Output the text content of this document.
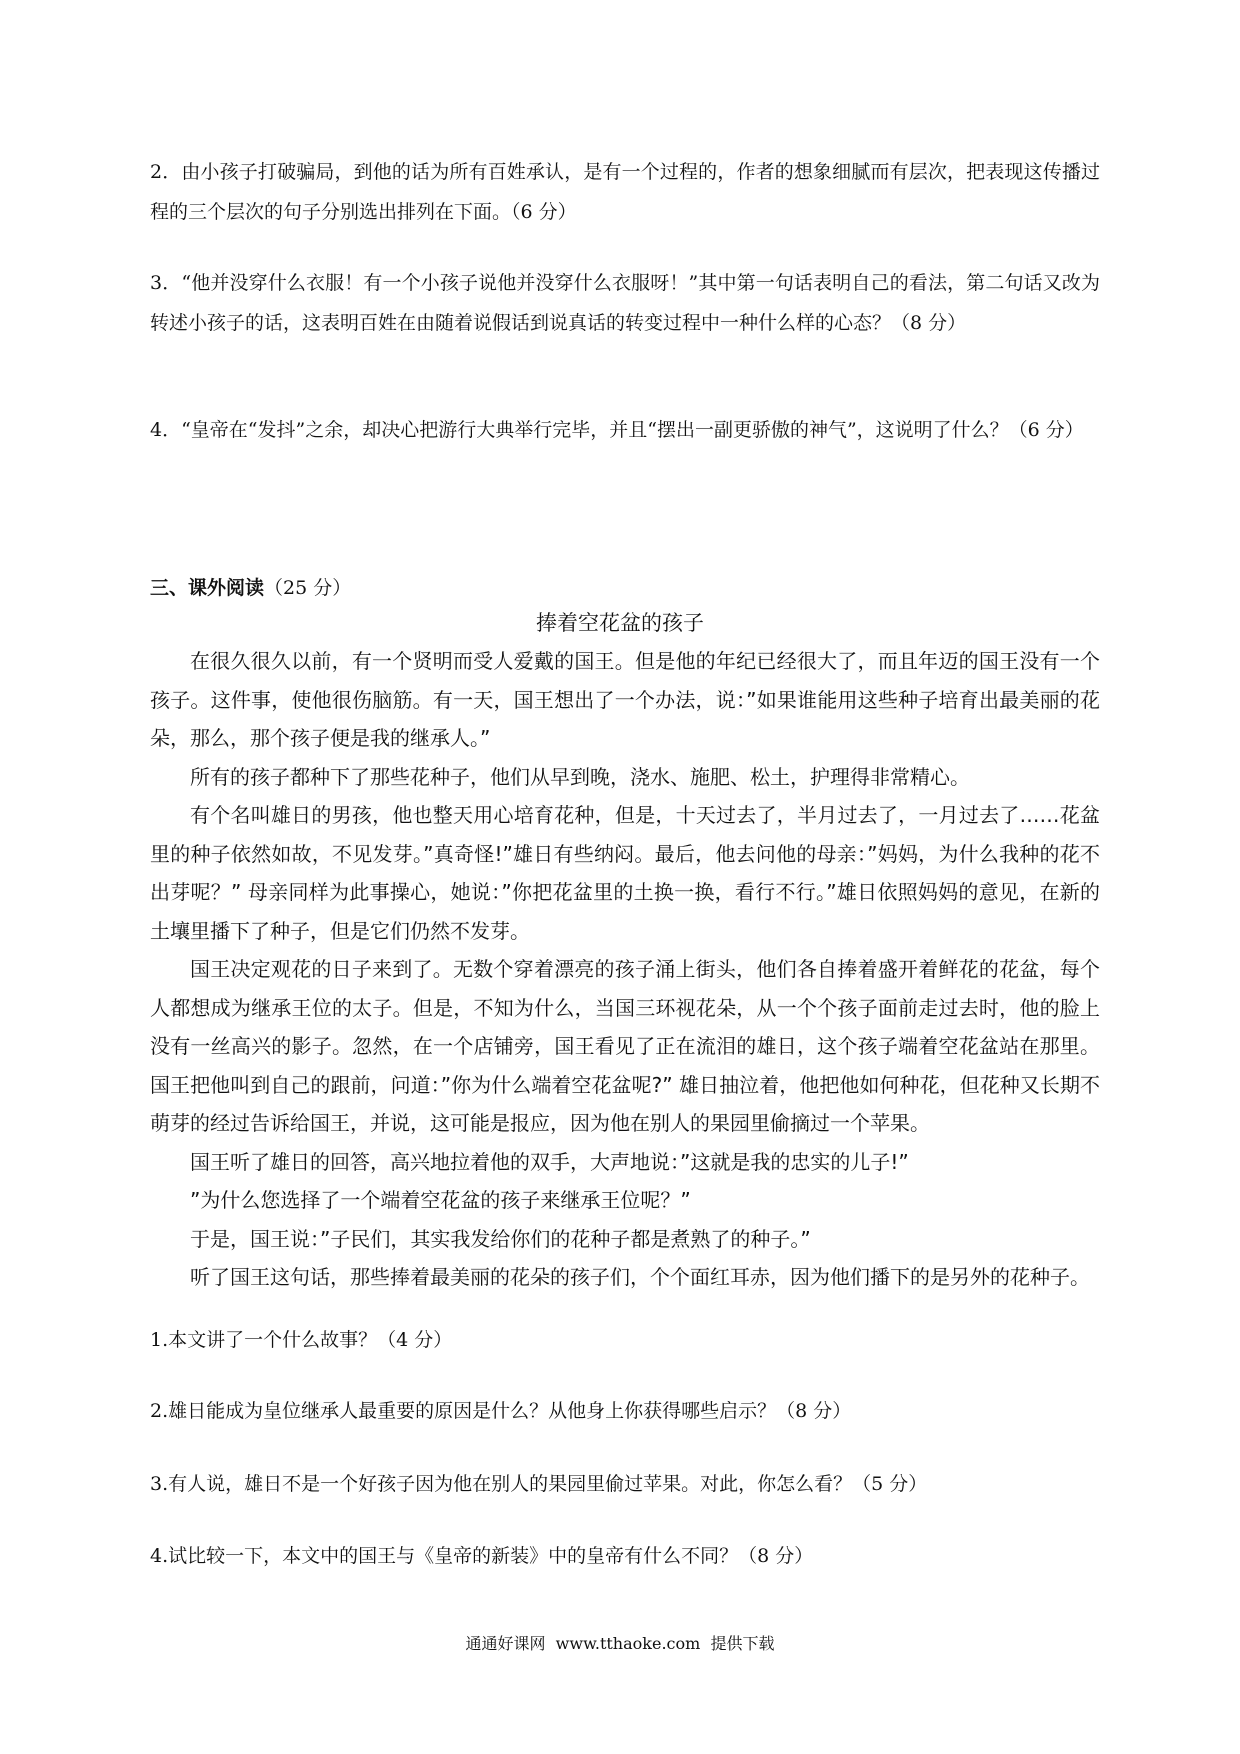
2．由小孩子打破骗局，到他的话为所有百姓承认，是有一个过程的，作者的想象细腻而有层次，把表现这传播过程的三个层次的句子分别选出排列在下面。（6 分）

3．“他并没穿什么衣服！有一个小孩子说他并没穿什么衣服呀！”其中第一句话表明自己的看法，第二句话又改为转述小孩子的话，这表明百姓在由随着说假话到说真话的转变过程中一种什么样的心态？（8 分）

4．“皇帝在“发抖”之余，却决心把游行大典举行完毕，并且“摆出一副更骄傲的神气”，这说明了什么？（6 分）

三、课外阅读（25 分）

捧着空花盆的孩子

在很久很久以前，有一个贤明而受人爱戴的国王。但是他的年纪已经很大了，而且年迈的国王没有一个孩子。这件事，使他很伤脑筋。有一天，国王想出了一个办法，说：”如果谁能用这些种子培育出最美丽的花朵，那么，那个孩子便是我的继承人。”

所有的孩子都种下了那些花种子，他们从早到晚，浇水、施肥、松土，护理得非常精心。

有个名叫雄日的男孩，他也整天用心培育花种，但是，十天过去了，半月过去了，一月过去了……花盆里的种子依然如故，不见发芽。”真奇怪!”雄日有些纳闷。最后，他去问他的母亲：”妈妈，为什么我种的花不出芽呢？” 母亲同样为此事操心，她说：”你把花盆里的土换一换，看行不行。”雄日依照妈妈的意见，在新的土壤里播下了种子，但是它们仍然不发芽。

国王决定观花的日子来到了。无数个穿着漂亮的孩子涌上街头，他们各自捧着盛开着鲜花的花盆，每个人都想成为继承王位的太子。但是，不知为什么，当国三环视花朵，从一个个孩子面前走过去时，他的脸上没有一丝高兴的影子。忽然，在一个店铺旁，国王看见了正在流泪的雄日，这个孩子端着空花盆站在那里。国王把他叫到自己的跟前，问道：”你为什么端着空花盆呢?” 雄日抽泣着，他把他如何种花，但花种又长期不萌芽的经过告诉给国王，并说，这可能是报应，因为他在别人的果园里偷摘过一个苹果。

国王听了雄日的回答，高兴地拉着他的双手，大声地说：”这就是我的忠实的儿子!”

”为什么您选择了一个端着空花盆的孩子来继承王位呢？”

于是，国王说：”子民们，其实我发给你们的花种子都是煮熟了的种子。”

听了国王这句话，那些捧着最美丽的花朵的孩子们，个个面红耳赤，因为他们播下的是另外的花种子。

1.本文讲了一个什么故事？（4 分）

2.雄日能成为皇位继承人最重要的原因是什么？从他身上你获得哪些启示？（8 分）

3.有人说，雄日不是一个好孩子因为他在别人的果园里偷过苹果。对此，你怎么看？（5 分）

4.试比较一下，本文中的国王与《皇帝的新装》中的皇帝有什么不同？（8 分）

通通好课网  www.tthaoke.com  提供下载
